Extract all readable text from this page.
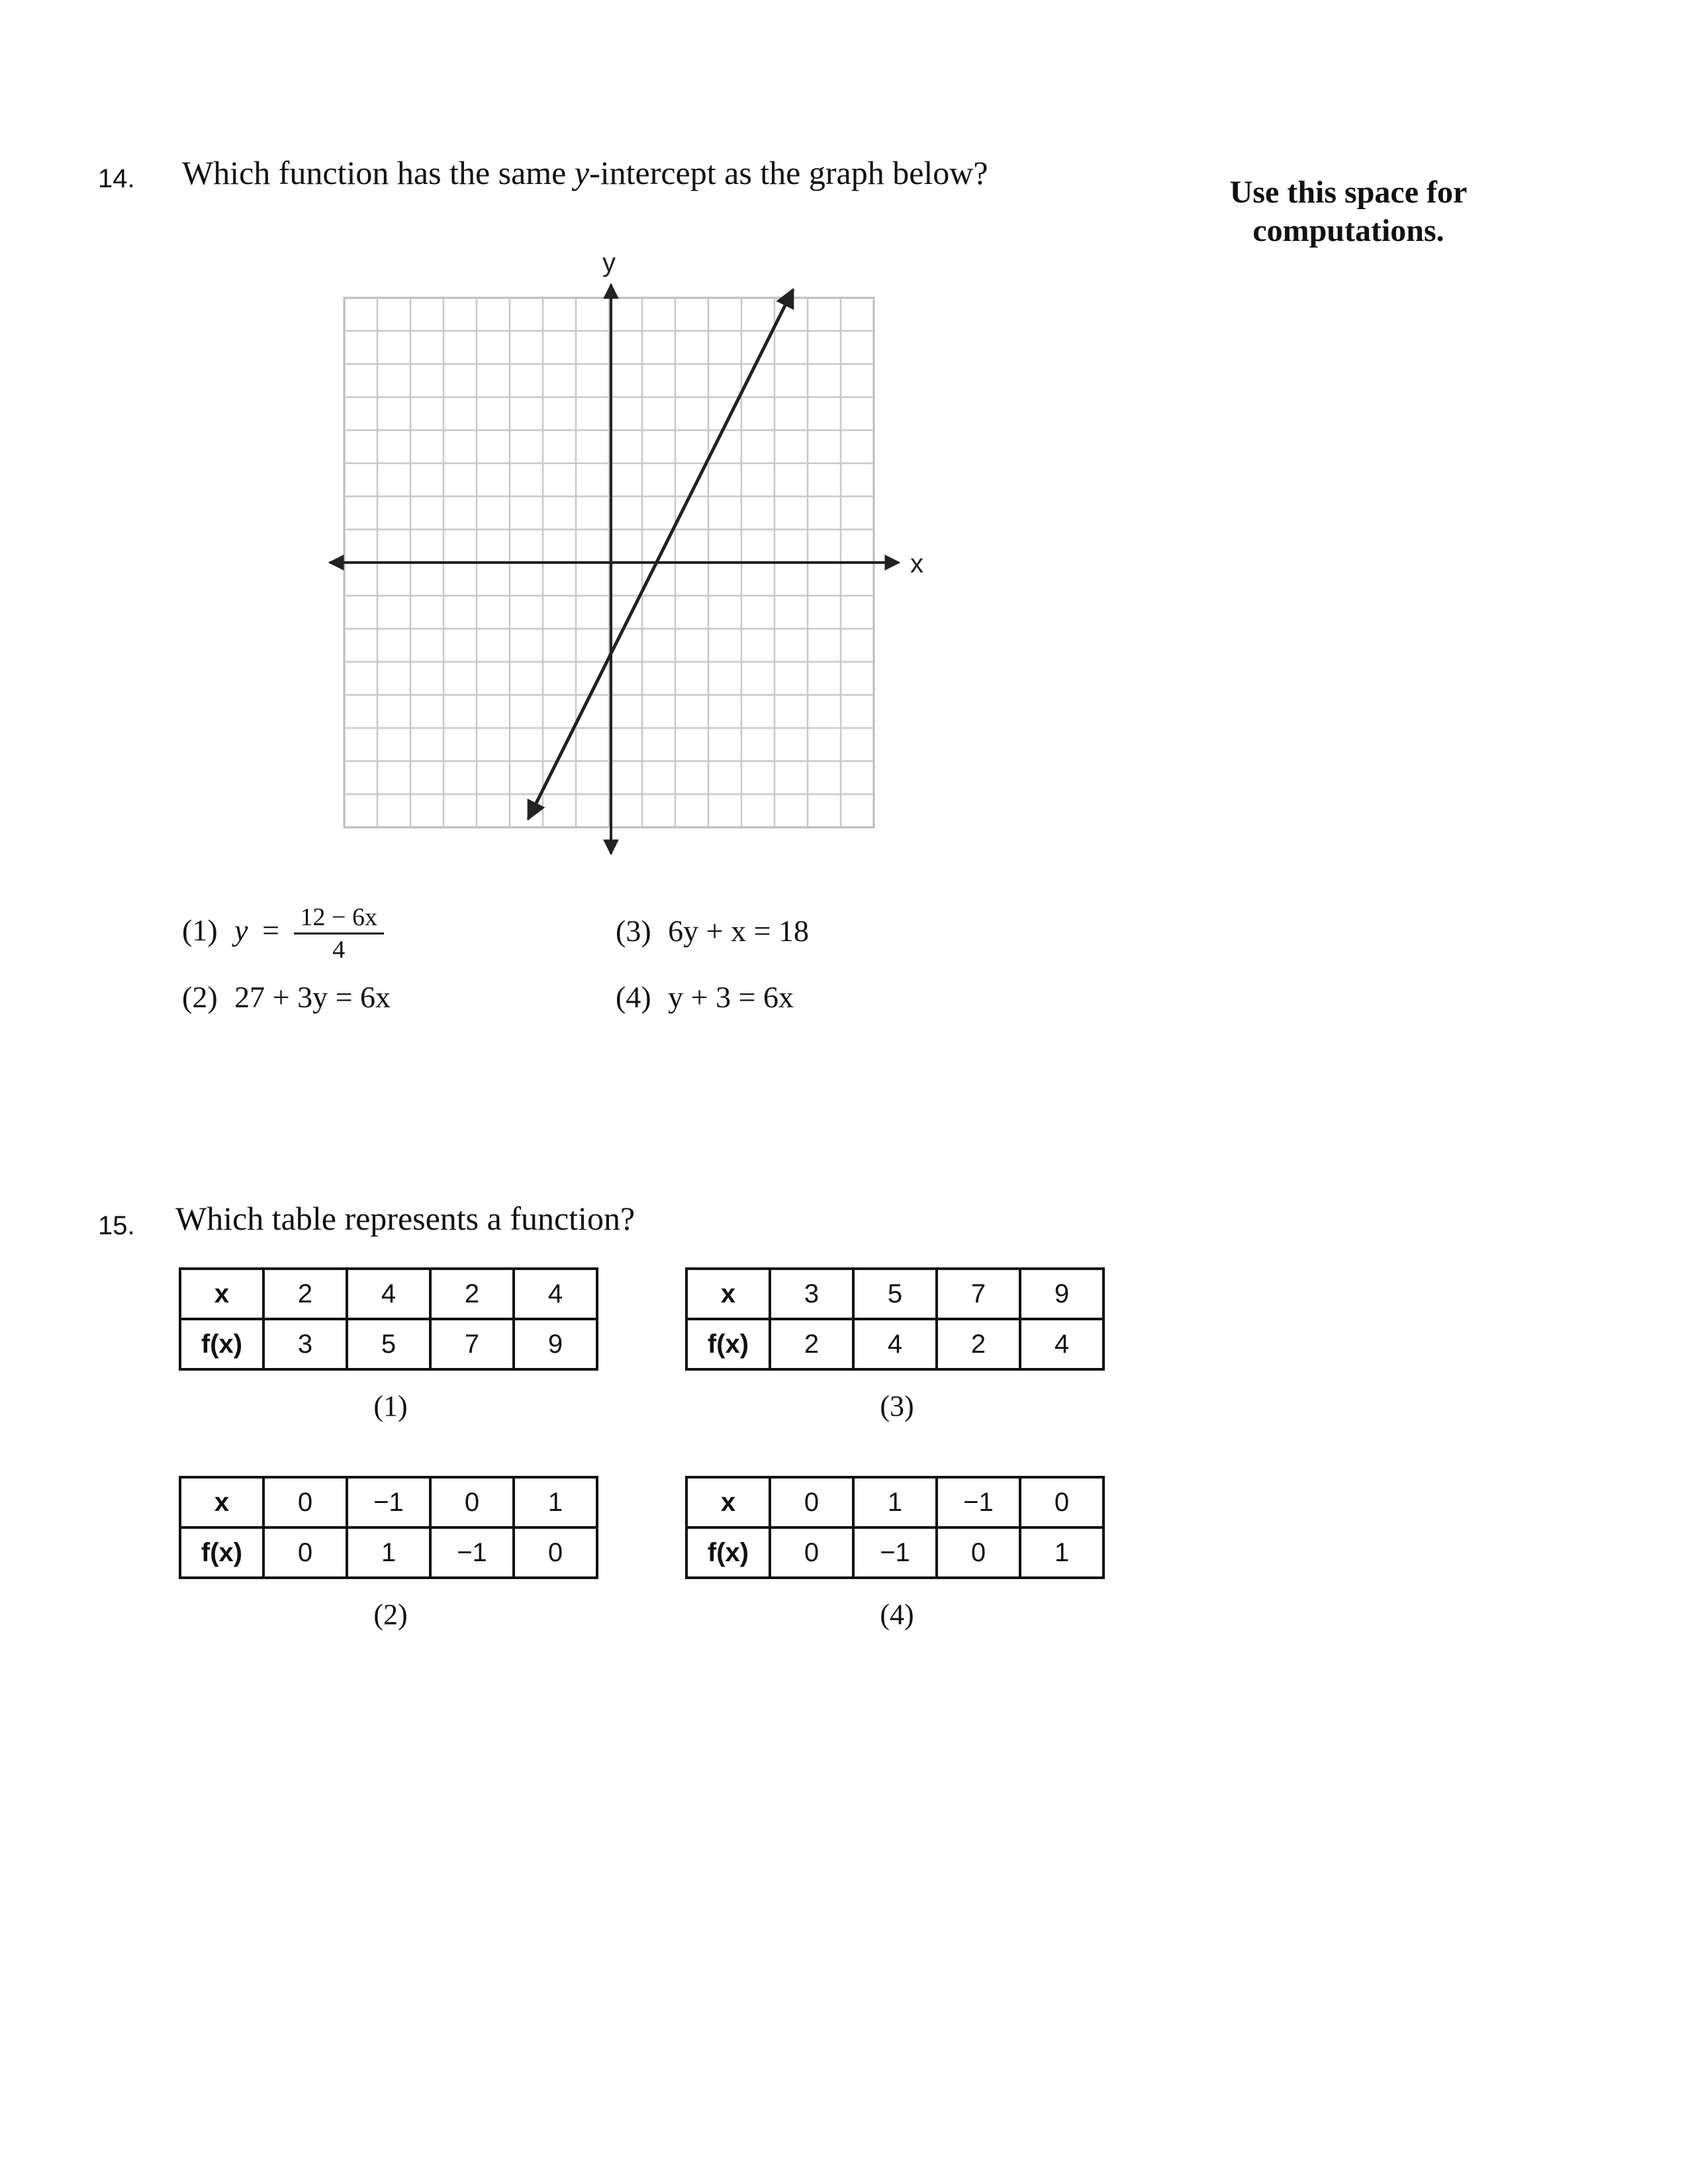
Use this space for
computations.
14. Which function has the same y-intercept as the graph below?
x
y
(1) $y = \frac{12 - 6x}{4}$
(2) 27 + 3y = 6x
(3) 6y + x = 18
(4) y + 3 = 6x
15. Which table represents a function?
x	2	4	2	4
f(x)	3	5	7	9
(1)
x	3	5	7	9
f(x)	2	4	2	4
(3)
x	0	−1	0	1
f(x)	0	1	−1	0
(2)
x	0	1	−1	0
f(x)	0	−1	0	1
(4)
